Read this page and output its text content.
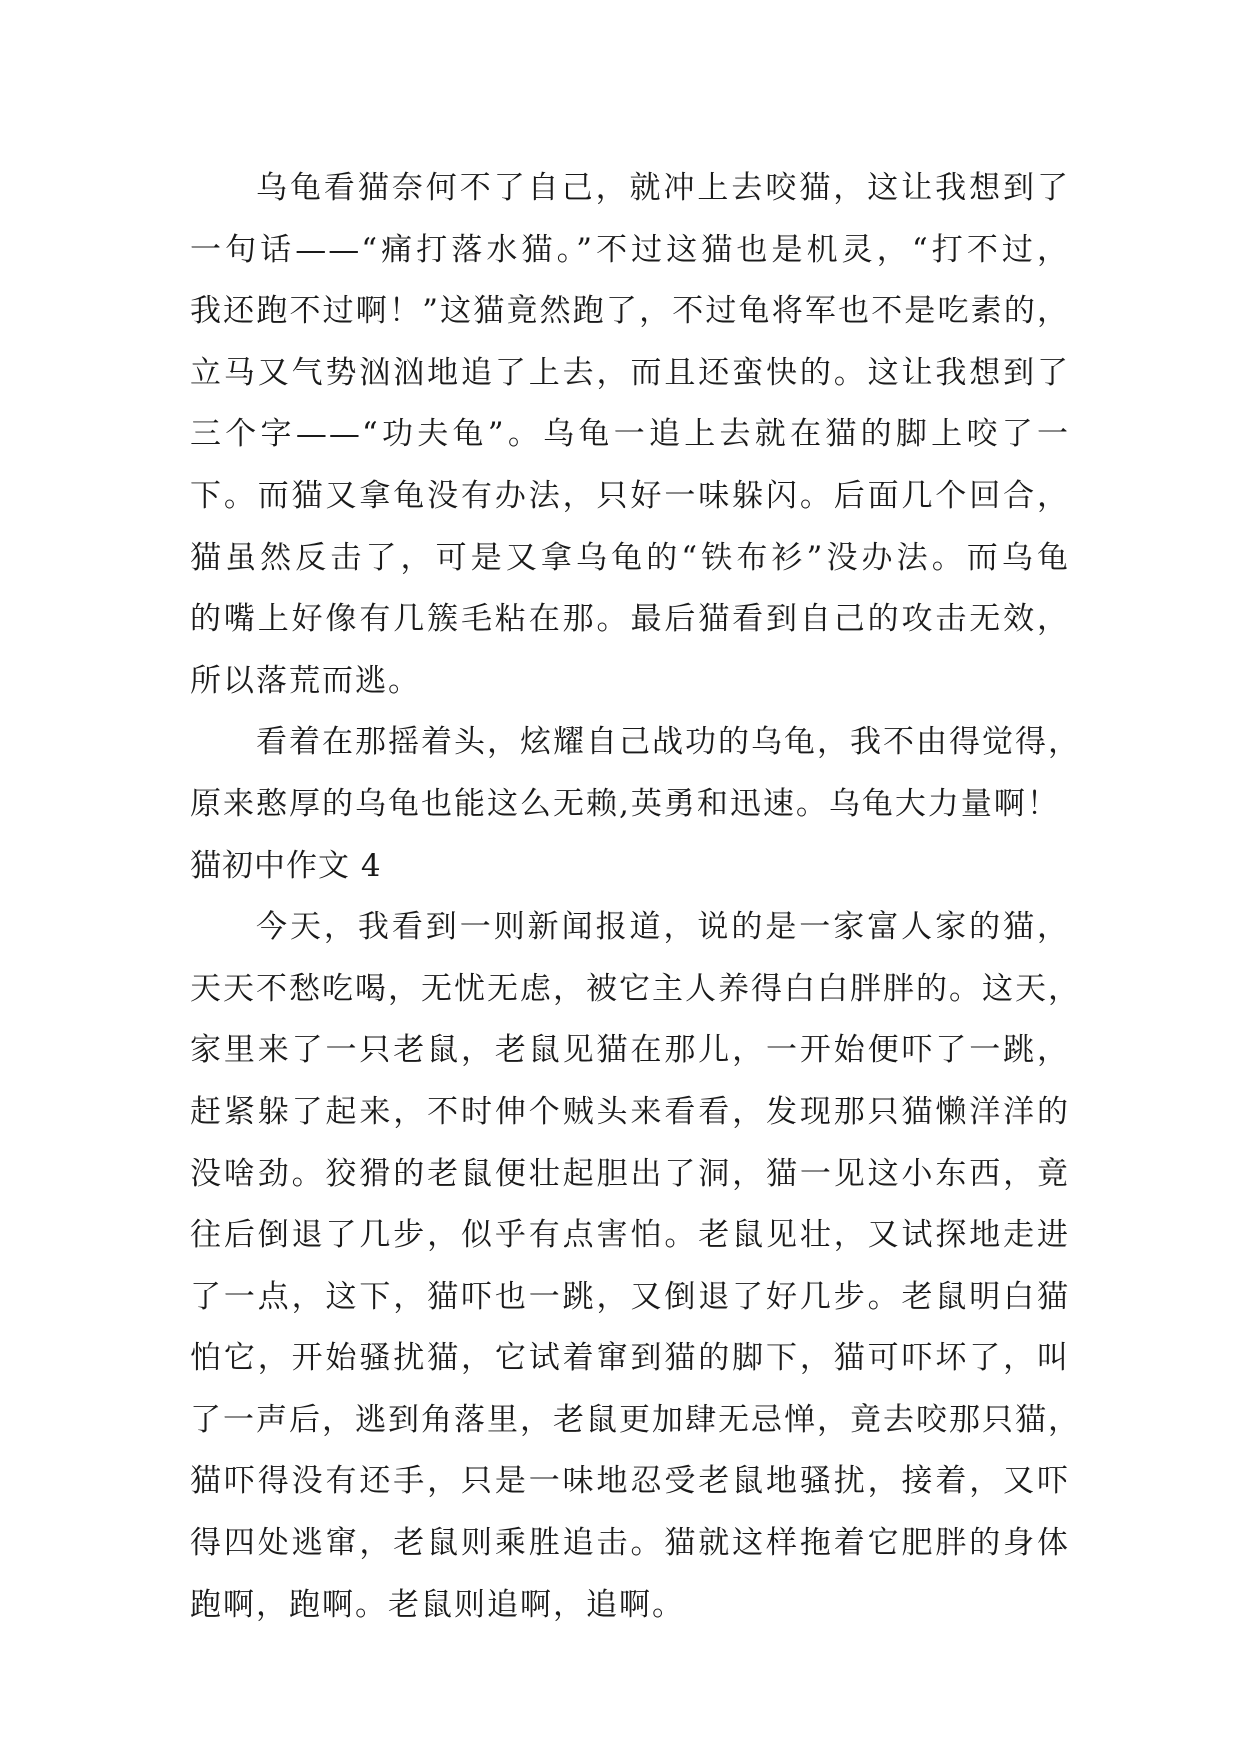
乌龟看猫奈何不了自己，就冲上去咬猫，这让我想到了
一句话——“痛打落水猫。”不过这猫也是机灵，“打不过，
我还跑不过啊！”这猫竟然跑了，不过龟将军也不是吃素的，
立马又气势汹汹地追了上去，而且还蛮快的。这让我想到了
三个字——“功夫龟”。乌龟一追上去就在猫的脚上咬了一
下。而猫又拿龟没有办法，只好一味躲闪。后面几个回合，
猫虽然反击了，可是又拿乌龟的“铁布衫”没办法。而乌龟
的嘴上好像有几簇毛粘在那。最后猫看到自己的攻击无效，
所以落荒而逃。
看着在那摇着头，炫耀自己战功的乌龟，我不由得觉得，
原来憨厚的乌龟也能这么无赖,英勇和迅速。乌龟大力量啊！
猫初中作文 4
今天，我看到一则新闻报道，说的是一家富人家的猫，
天天不愁吃喝，无忧无虑，被它主人养得白白胖胖的。这天，
家里来了一只老鼠，老鼠见猫在那儿，一开始便吓了一跳，
赶紧躲了起来，不时伸个贼头来看看，发现那只猫懒洋洋的
没啥劲。狡猾的老鼠便壮起胆出了洞，猫一见这小东西，竟
往后倒退了几步，似乎有点害怕。老鼠见壮，又试探地走进
了一点，这下，猫吓也一跳，又倒退了好几步。老鼠明白猫
怕它，开始骚扰猫，它试着窜到猫的脚下，猫可吓坏了，叫
了一声后，逃到角落里，老鼠更加肆无忌惮，竟去咬那只猫，
猫吓得没有还手，只是一味地忍受老鼠地骚扰，接着，又吓
得四处逃窜，老鼠则乘胜追击。猫就这样拖着它肥胖的身体
跑啊，跑啊。老鼠则追啊，追啊。
